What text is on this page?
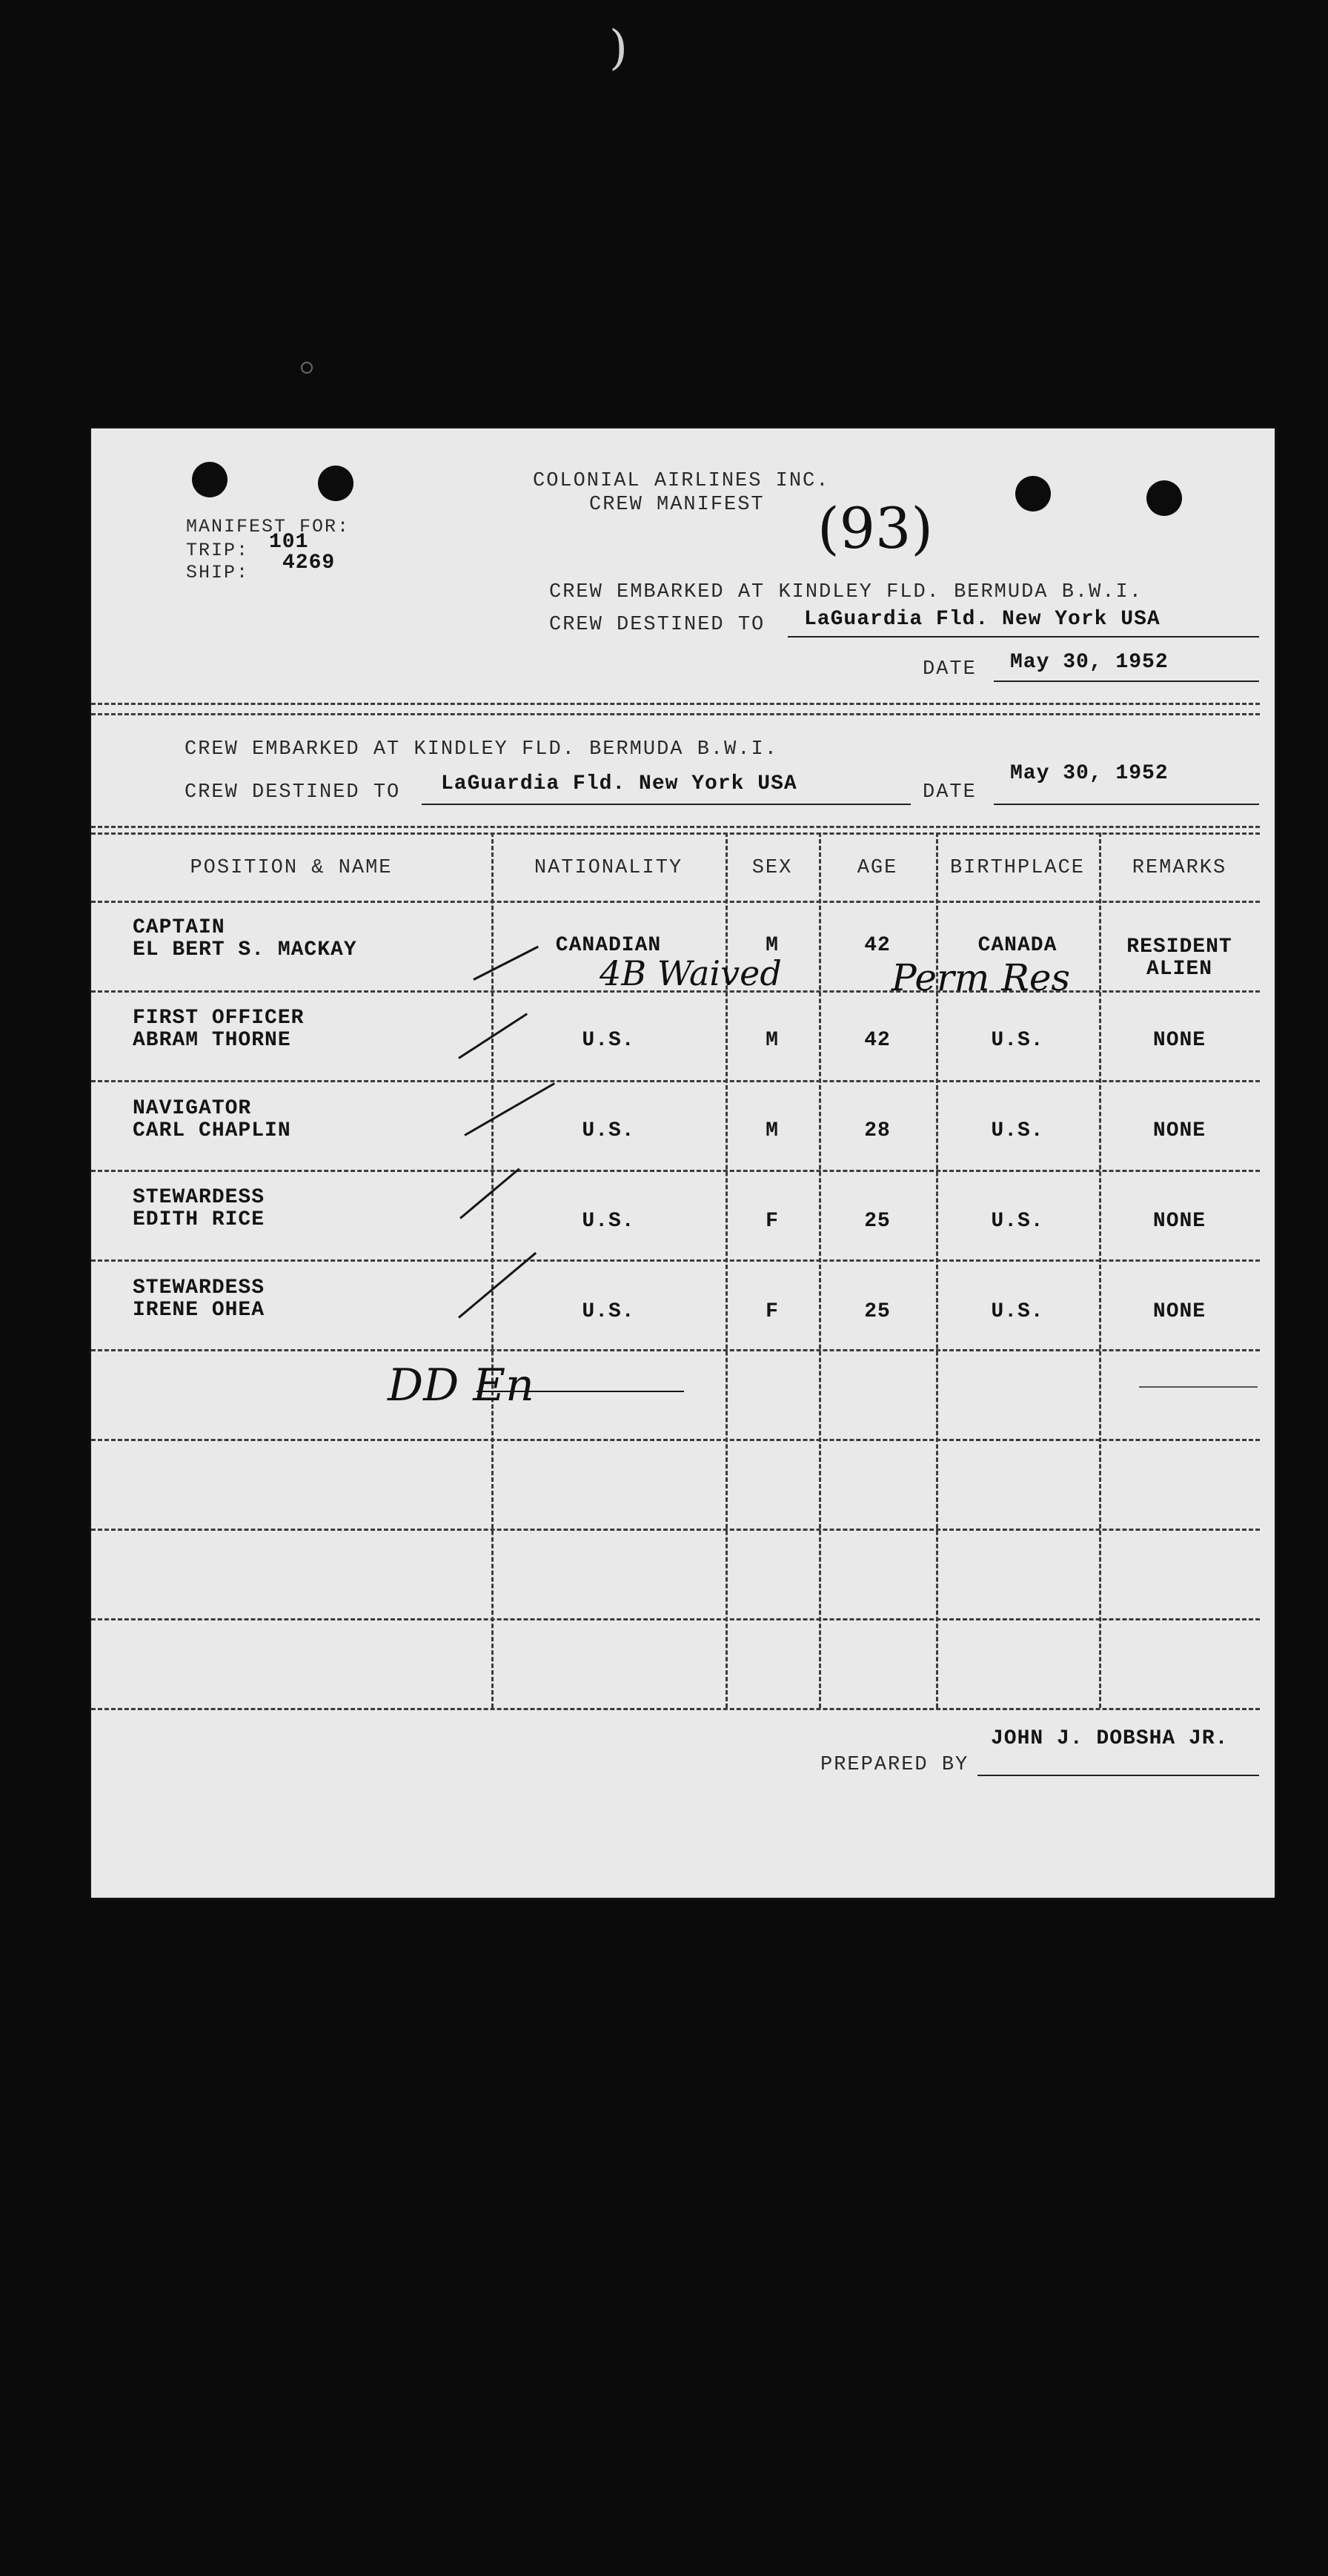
)
COLONIAL AIRLINES INC.
CREW MANIFEST (93)
MANIFEST FOR:
TRIP: 101
SHIP: 4269
CREW EMBARKED AT KINDLEY FLD. BERMUDA B.W.I.
CREW DESTINED TO LaGuardia Fld. New York USA
DATE May 30, 1952
CREW EMBARKED AT KINDLEY FLD. BERMUDA B.W.I.
CREW DESTINED TO LaGuardia Fld. New York USA	DATE
May 30, 1952
POSITION & NAME	NATIONALITY	SEX	AGE	BIRTHPLACE	REMARKS
CAPTAIN
EL BERT S. MACKAY	CANADIAN	M	42	CANADA	RESIDENT
ALIEN
FIRST OFFICER
ABRAM THORNE	U.S.	M	42	U.S.	NONE
NAVIGATOR
CARL CHAPLIN	U.S.	M	28	U.S.	NONE
STEWARDESS
EDITH RICE	U.S.	F	25	U.S.	NONE
STEWARDESS
IRENE OHEA	U.S.	F	25	U.S.	NONE
4B Waived	Perm Res
DD En
JOHN J. DOBSHA JR.
PREPARED BY
